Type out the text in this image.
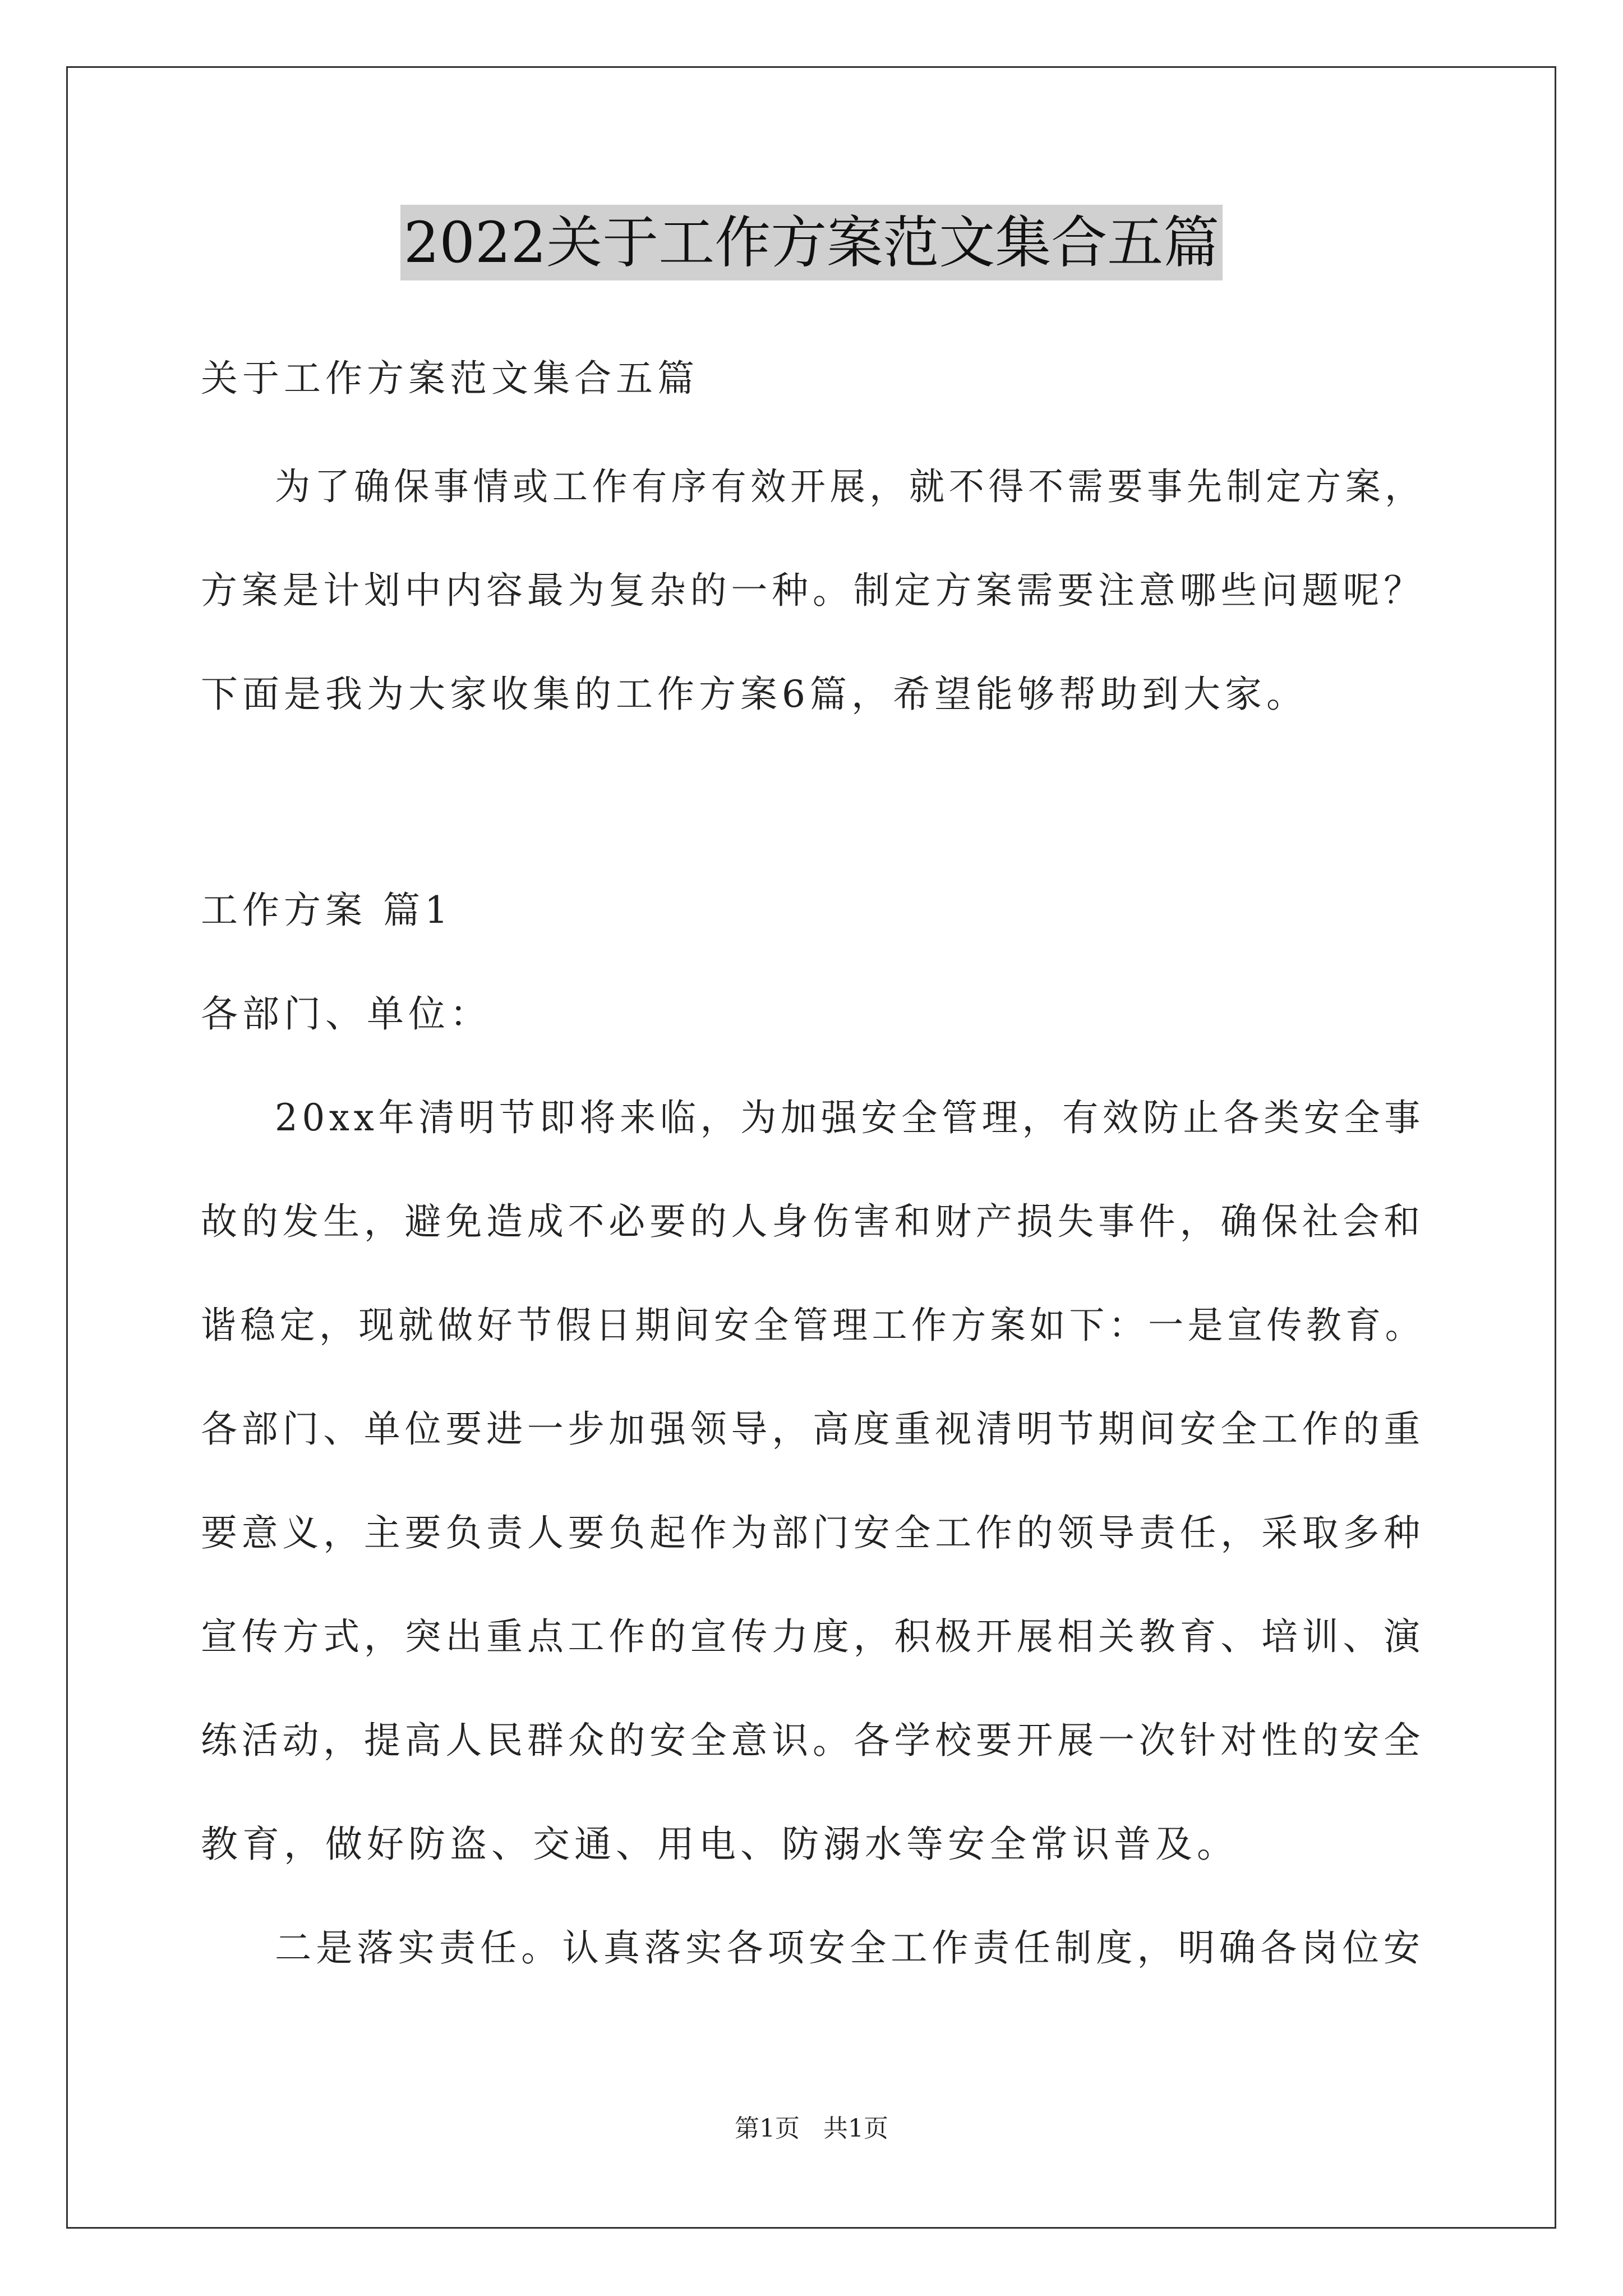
2022关于工作方案范文集合五篇
关于工作方案范文集合五篇
为了确保事情或工作有序有效开展，就不得不需要事先制定方案，
方案是计划中内容最为复杂的一种。制定方案需要注意哪些问题呢？
下面是我为大家收集的工作方案6篇，希望能够帮助到大家。
工作方案 篇1
各部门、单位：
20xx年清明节即将来临，为加强安全管理，有效防止各类安全事
故的发生，避免造成不必要的人身伤害和财产损失事件，确保社会和
谐稳定，现就做好节假日期间安全管理工作方案如下：一是宣传教育。
各部门、单位要进一步加强领导，高度重视清明节期间安全工作的重
要意义，主要负责人要负起作为部门安全工作的领导责任，采取多种
宣传方式，突出重点工作的宣传力度，积极开展相关教育、培训、演
练活动，提高人民群众的安全意识。各学校要开展一次针对性的安全
教育，做好防盗、交通、用电、防溺水等安全常识普及。
二是落实责任。认真落实各项安全工作责任制度，明确各岗位安
第1页   共1页
